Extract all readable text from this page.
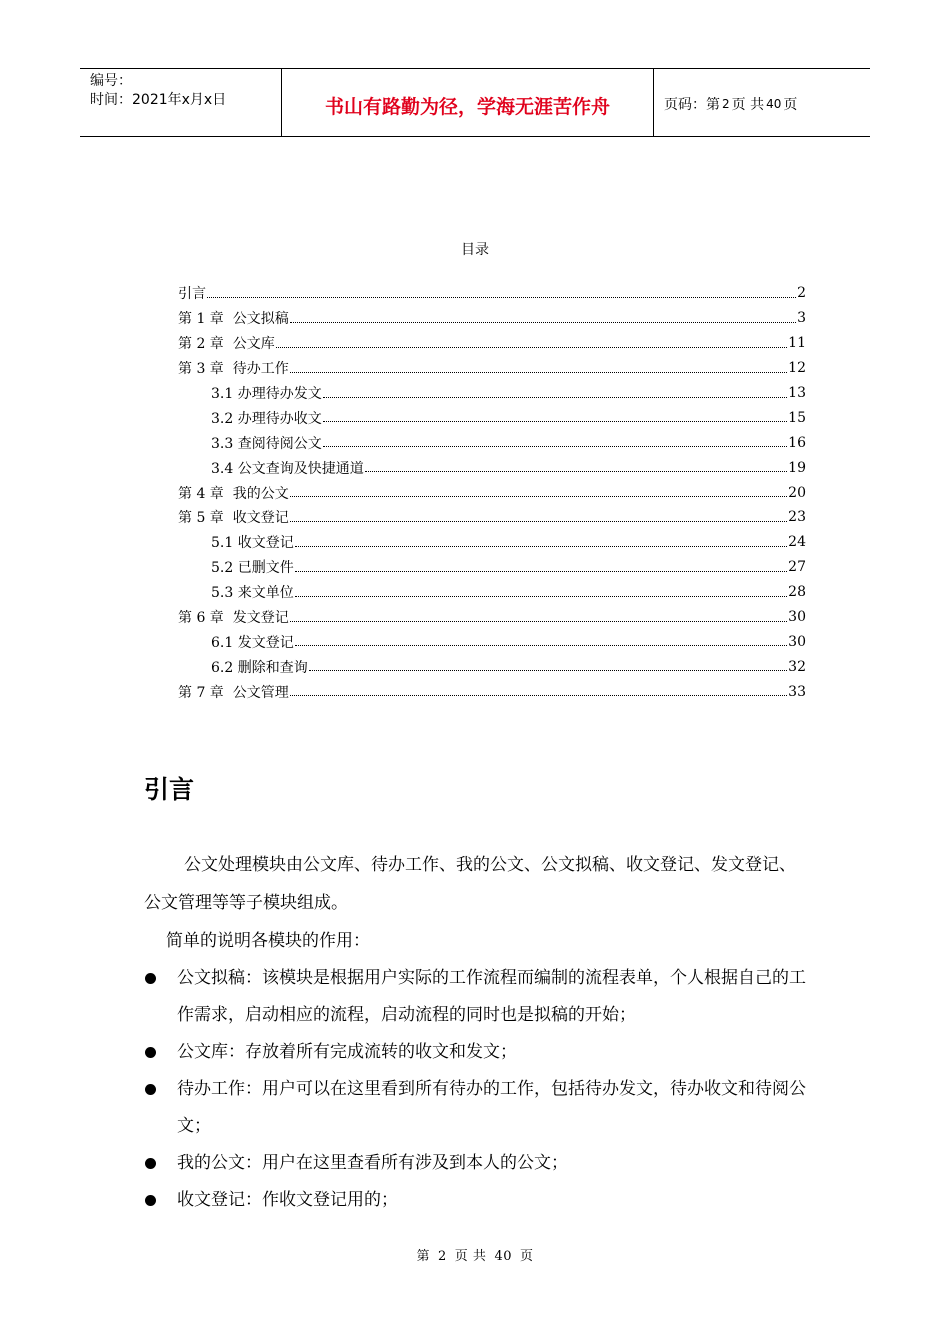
编号：
时间：2021年x月x日	书山有路勤为径，学海无涯苦作舟	页码：第 2 页 共 40 页
目录
引言	2
第 1 章  公文拟稿	3
第 2 章  公文库	11
第 3 章  待办工作	12
3.1 办理待办发文	13
3.2 办理待办收文	15
3.3 查阅待阅公文	16
3.4 公文查询及快捷通道	19
第 4 章  我的公文	20
第 5 章  收文登记	23
5.1 收文登记	24
5.2 已删文件	27
5.3 来文单位	28
第 6 章  发文登记	30
6.1 发文登记	30
6.2 删除和查询	32
第 7 章  公文管理	33
引言
公文处理模块由公文库、待办工作、我的公文、公文拟稿、收文登记、发文登记、公文管理等等子模块组成。
简单的说明各模块的作用：
公文拟稿：该模块是根据用户实际的工作流程而编制的流程表单，个人根据自己的工作需求，启动相应的流程，启动流程的同时也是拟稿的开始；
公文库：存放着所有完成流转的收文和发文；
待办工作：用户可以在这里看到所有待办的工作，包括待办发文，待办收文和待阅公文；
我的公文：用户在这里查看所有涉及到本人的公文；
收文登记：作收文登记用的；
第 2 页 共 40 页
